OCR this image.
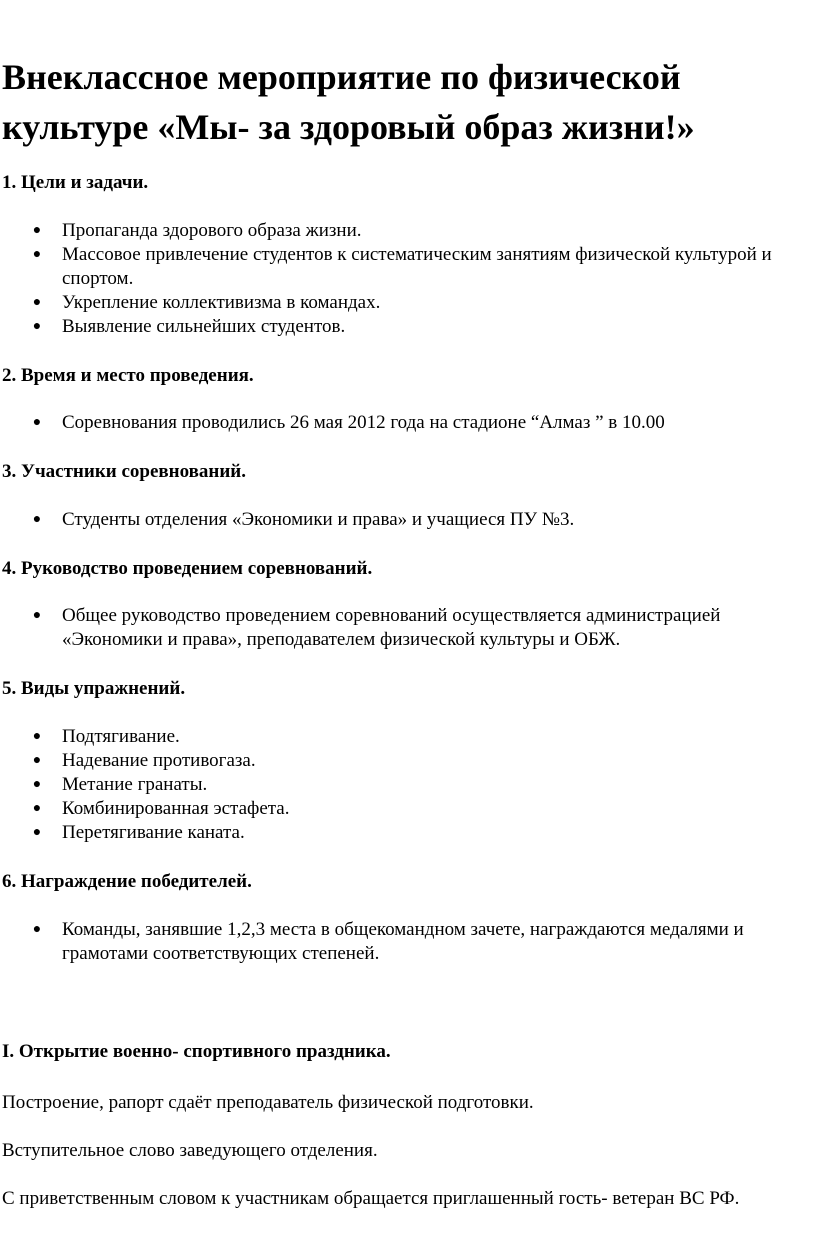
Внеклассное мероприятие по физической культуре «Мы- за здоровый образ жизни!»
1. Цели и задачи.
● Пропаганда здорового образа жизни.
● Массовое привлечение студентов к систематическим занятиям физической культурой и спортом.
● Укрепление коллективизма в командах.
● Выявление сильнейших студентов.
2. Время и место проведения.
● Соревнования проводились 26 мая 2012 года на стадионе “Алмаз ” в 10.00
3. Участники соревнований.
● Студенты отделения «Экономики и права» и учащиеся ПУ №3.
4. Руководство проведением соревнований.
● Общее руководство проведением соревнований осуществляется администрацией «Экономики и права», преподавателем физической культуры и ОБЖ.
5. Виды упражнений.
● Подтягивание.
● Надевание противогаза.
● Метание гранаты.
● Комбинированная эстафета.
● Перетягивание каната.
6. Награждение победителей.
● Команды, занявшие 1,2,3 места в общекомандном зачете, награждаются медалями и грамотами соответствующих степеней.
I. Открытие военно- спортивного праздника.
Построение, рапорт сдаёт преподаватель физической подготовки.
Вступительное слово заведующего отделения.
С приветственным словом к участникам обращается приглашенный гость- ветеран ВС РФ.
